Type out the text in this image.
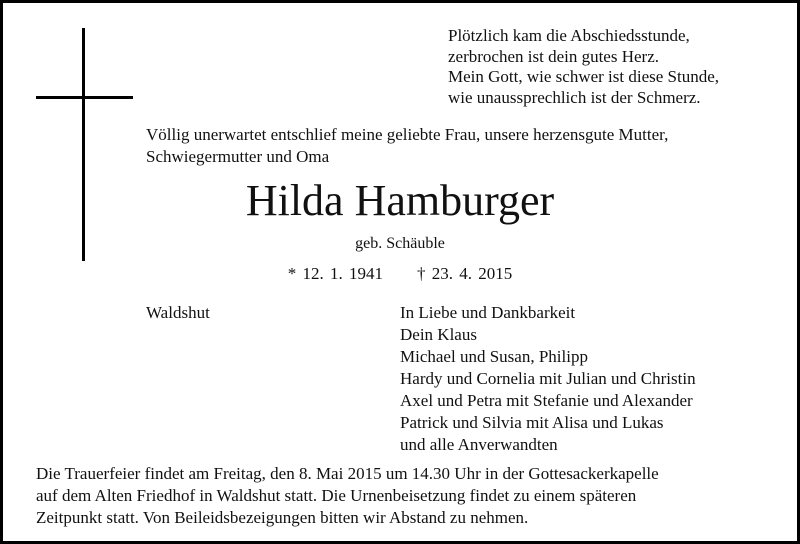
Plötzlich kam die Abschiedsstunde,
zerbrochen ist dein gutes Herz.
Mein Gott, wie schwer ist diese Stunde,
wie unaussprechlich ist der Schmerz.
Völlig unerwartet entschlief meine geliebte Frau, unsere herzensgute Mutter,
Schwiegermutter und Oma
Hilda Hamburger
geb. Schäuble
* 12. 1. 1941 † 23. 4. 2015
Waldshut	In Liebe und Dankbarkeit
Dein Klaus
Michael und Susan, Philipp
Hardy und Cornelia mit Julian und Christin
Axel und Petra mit Stefanie und Alexander
Patrick und Silvia mit Alisa und Lukas
und alle Anverwandten
Die Trauerfeier findet am Freitag, den 8. Mai 2015 um 14.30 Uhr in der Gottesackerkapelle
auf dem Alten Friedhof in Waldshut statt. Die Urnenbeisetzung findet zu einem späteren
Zeitpunkt statt. Von Beileidsbezeigungen bitten wir Abstand zu nehmen.
